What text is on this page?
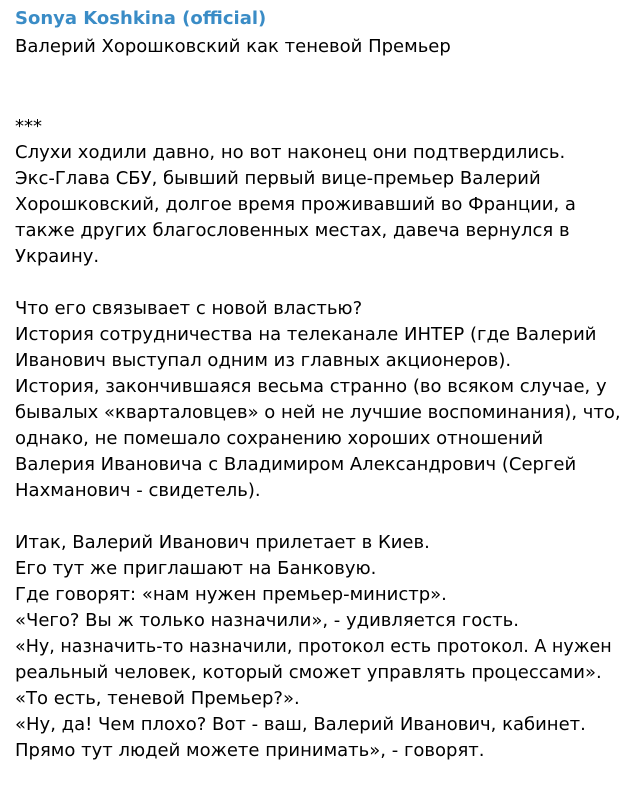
Sonya Koshkina (official)
Валерий Хорошковский как теневой Премьер
***
Слухи ходили давно, но вот наконец они подтвердились.
Экс-Глава СБУ, бывший первый вице-премьер Валерий
Хорошковский, долгое время проживавший во Франции, а
также других благословенных местах, давеча вернулся в
Украину.
Что его связывает с новой властью?
История сотрудничества на телеканале ИНТЕР (где Валерий
Иванович выступал одним из главных акционеров).
История, закончившаяся весьма странно (во всяком случае, у
бывалых «кварталовцев» о ней не лучшие воспоминания), что,
однако, не помешало сохранению хороших отношений
Валерия Ивановича с Владимиром Александрович (Сергей
Нахманович - свидетель).
Итак, Валерий Иванович прилетает в Киев.
Его тут же приглашают на Банковую.
Где говорят: «нам нужен премьер-министр».
«Чего? Вы ж только назначили», - удивляется гость.
«Ну, назначить-то назначили, протокол есть протокол. А нужен
реальный человек, который сможет управлять процессами».
«То есть, теневой Премьер?».
«Ну, да! Чем плохо? Вот - ваш, Валерий Иванович, кабинет.
Прямо тут людей можете принимать», - говорят.
